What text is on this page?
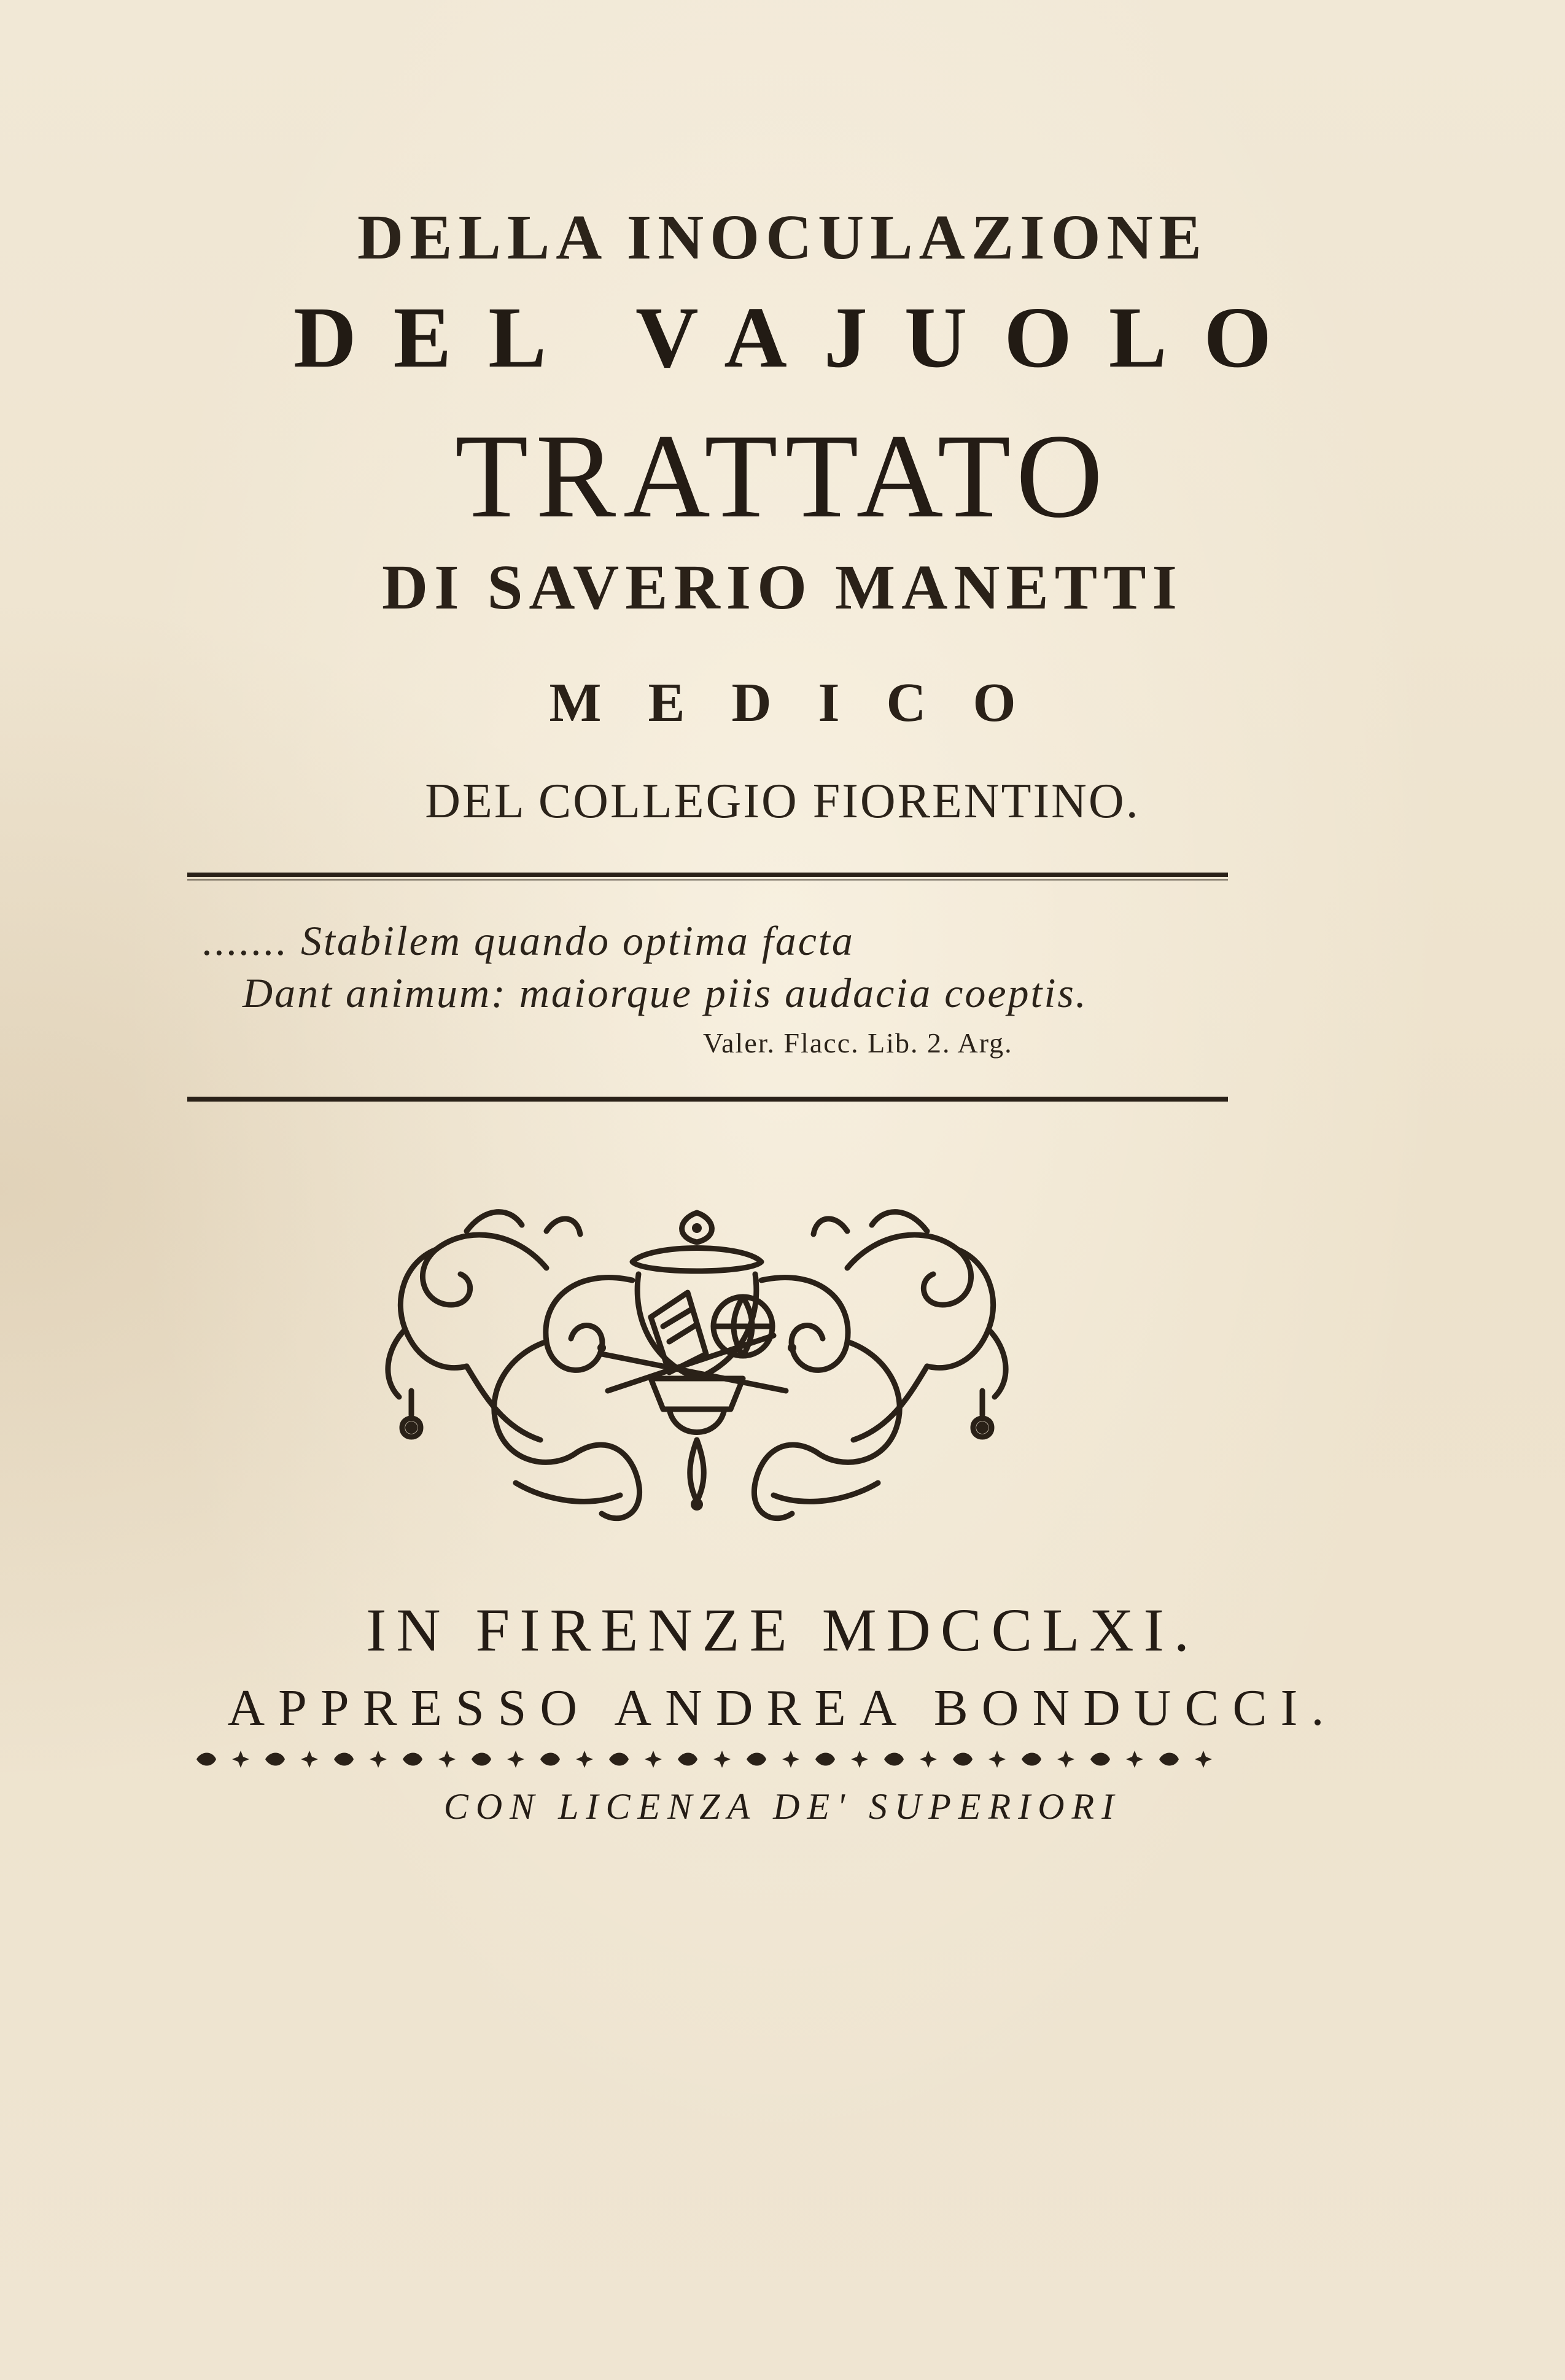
DELLA INOCULAZIONE
DEL VAJUOLO
TRATTATO
DI SAVERIO MANETTI
MEDICO
DEL COLLEGIO FIORENTINO.
....... Stabilem quando optima facta
Dant animum: maiorque piis audacia coeptis.
Valer. Flacc. Lib. 2. Arg.
IN FIRENZE MDCCLXI.
APPRESSO ANDREA BONDUCCI.
CON LICENZA DE' SUPERIORI
